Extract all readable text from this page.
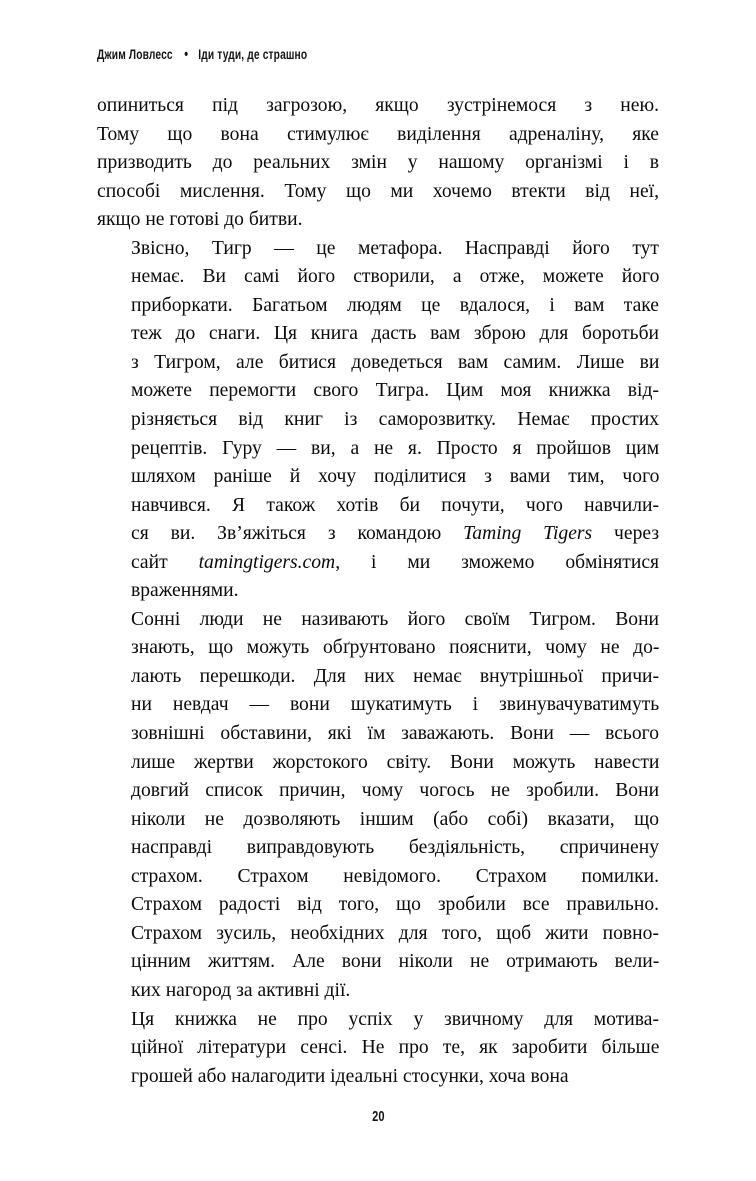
Джим Ловлесс • Іди туди, де страшно

опиниться під загрозою, якщо зустрінемося з нею.
Тому що вона стимулює виділення адреналіну, яке
призводить до реальних змін у нашому організмі і в
способі мислення. Тому що ми хочемо втекти від неї,
якщо не готові до битви.

Звісно, Тигр — це метафора. Насправді його тут
немає. Ви самі його створили, а отже, можете його
приборкати. Багатьом людям це вдалося, і вам таке
теж до снаги. Ця книга дасть вам зброю для боротьби
з Тигром, але битися доведеться вам самим. Лише ви
можете перемогти свого Тигра. Цим моя книжка від-
різняється від книг із саморозвитку. Немає простих
рецептів. Гуру — ви, а не я. Просто я пройшов цим
шляхом раніше й хочу поділитися з вами тим, чого
навчився. Я також хотів би почути, чого навчили-
ся ви. Зв’яжіться з командою Taming Tigers через
сайт tamingtigers.com, і ми зможемо обмінятися
враженнями.

Сонні люди не називають його своїм Тигром. Вони
знають, що можуть обґрунтовано пояснити, чому не до-
лають перешкоди. Для них немає внутрішньої причи-
ни невдач — вони шукатимуть і звинувачуватимуть
зовнішні обставини, які їм заважають. Вони — всього
лише жертви жорстокого світу. Вони можуть навести
довгий список причин, чому чогось не зробили. Вони
ніколи не дозволяють іншим (або собі) вказати, що
насправді виправдовують бездіяльність, спричинену
страхом. Страхом невідомого. Страхом помилки.
Страхом радості від того, що зробили все правильно.
Страхом зусиль, необхідних для того, щоб жити повно-
цінним життям. Але вони ніколи не отримають вели-
ких нагород за активні дії.

Ця книжка не про успіх у звичному для мотива-
ційної літератури сенсі. Не про те, як заробити більше
грошей або налагодити ідеальні стосунки, хоча вона

20
